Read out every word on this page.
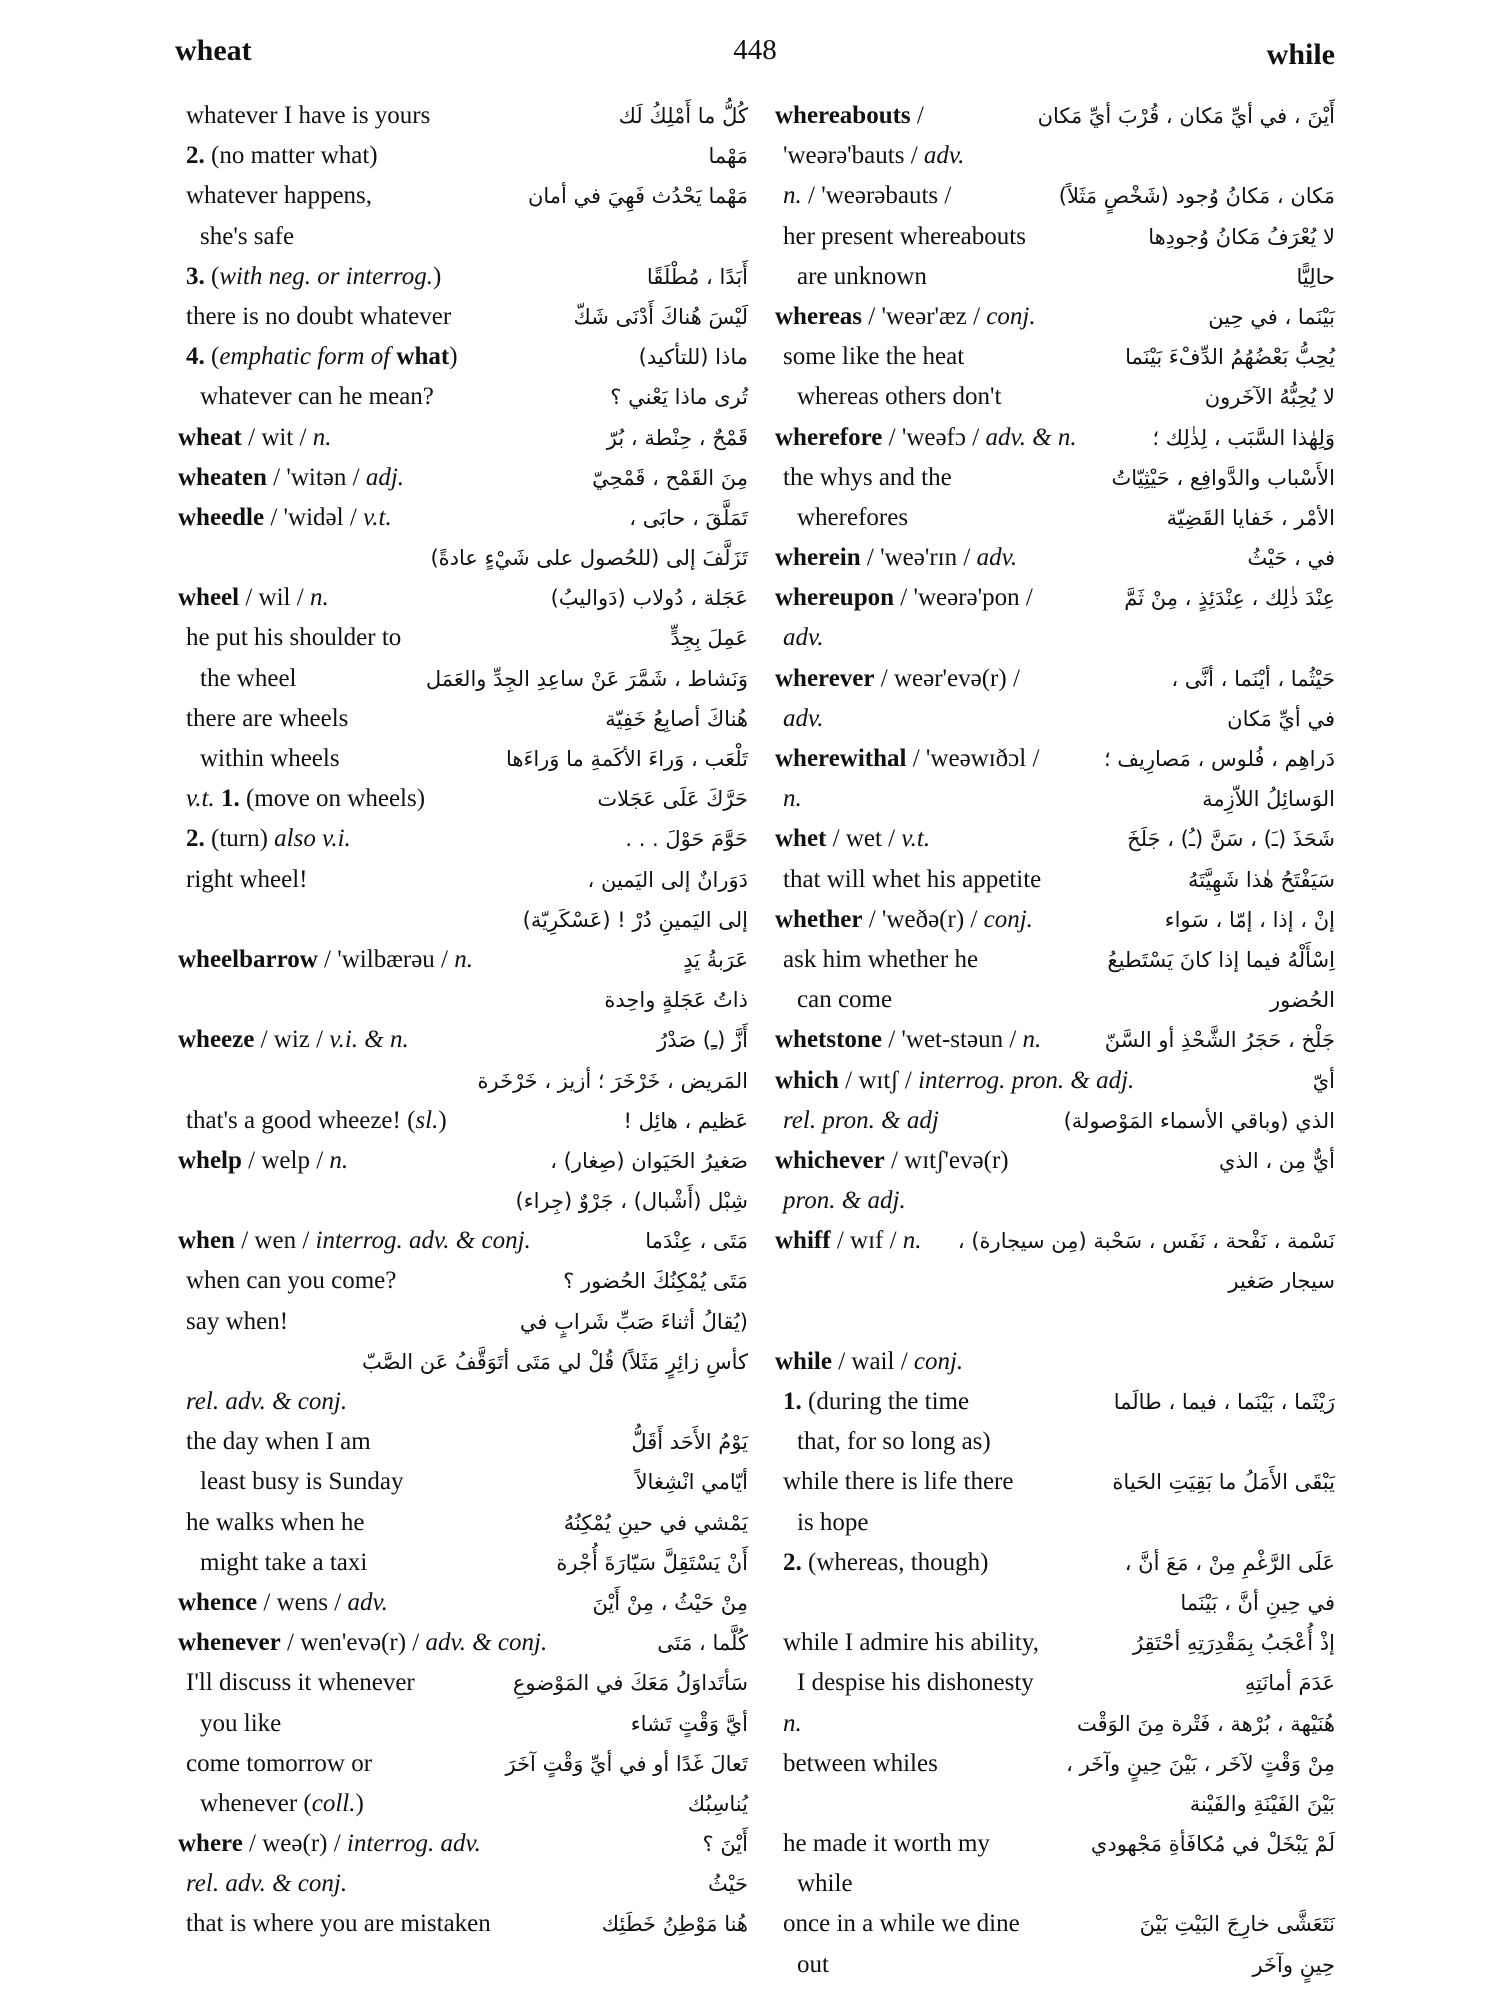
wheat	448	while
whatever I have is yours	كُلُّ ما أَمْلِكُ لَك
2. (no matter what)	مَهْما
whatever happens,	مَهْما يَحْدُث فَهِيَ في أمان
she's safe
3. (with neg. or interrog.)	أَبَدًا ، مُطْلَقًا
there is no doubt whatever	لَيْسَ هُناكَ أَدْنَى شَكّ
4. (emphatic form of what)	ماذا (للتأكيد)
whatever can he mean?	تُرى ماذا يَعْني ؟
wheat / wit / n.	قَمْحٌ ، حِنْطة ، بُرّ
wheaten / 'witən / adj.	مِنَ القَمْح ، قَمْحِيّ
wheedle / 'widəl / v.t.	تَمَلَّقَ ، حابَى ،
تَزَلَّفَ إلى (للحُصول على شَيْءٍ عادةً)
wheel / wil / n.	عَجَلة ، دُولاب (دَواليبُ)
he put his shoulder to	عَمِلَ بِجِدٍّ
the wheel	وَنَشاط ، شَمَّرَ عَنْ ساعِدِ الجِدِّ والعَمَل
there are wheels	هُناكَ أصابِعُ خَفِيّة
within wheels	تَلْعَب ، وَراءَ الأكَمةِ ما وَراءَها
v.t. 1. (move on wheels)	حَرَّكَ عَلَى عَجَلات
2. (turn) also v.i.	حَوَّمَ حَوْلَ . . .
right wheel!	دَوَرانٌ إلى اليَمين ،
إلى اليَمينِ دُرْ ! (عَسْكَرِيّة)
wheelbarrow / 'wilbærəu / n.	عَرَبةُ يَدٍ
ذاتُ عَجَلةٍ واحِدة
wheeze / wiz / v.i. & n.	أَزَّ (ـِ) صَدْرُ
المَريض ، خَرْخَرَ ؛ أزيز ، خَرْخَرة
that's a good wheeze! (sl.)	عَظيم ، هائِل !
whelp / welp / n.	صَغيرُ الحَيَوان (صِغار) ،
شِبْل (أَشْبال) ، جَرْوٌ (جِراء)
when / wen / interrog. adv. & conj.	مَتَى ، عِنْدَما
when can you come?	مَتَى يُمْكِنُكَ الحُضور ؟
say when!	(يُقالُ أثناءَ صَبِّ شَرابٍ في
كأسِ زائِرٍ مَثَلاً) قُلْ لي مَتَى أتَوَقَّفُ عَن الصَّبّ
rel. adv. & conj.
the day when I am	يَوْمُ الأَحَد أَقَلُّ
least busy is Sunday	أيّامي انْشِغالاً
he walks when he	يَمْشي في حينِ يُمْكِنُهُ
might take a taxi	أَنْ يَسْتَقِلَّ سَيّارَةَ أُجْرة
whence / wens / adv.	مِنْ حَيْثُ ، مِنْ أَيْنَ
whenever / wen'evə(r) / adv. & conj.	كُلَّما ، مَتَى
I'll discuss it whenever	سَأتَداوَلُ مَعَكَ في المَوْضوعِ
you like	أيَّ وَقْتٍ تَشاء
come tomorrow or	تَعالَ غَدًا أو في أيِّ وَقْتٍ آخَرَ
whenever (coll.)	يُناسِبُك
where / weə(r) / interrog. adv.	أَيْنَ ؟
rel. adv. & conj.	حَيْثُ
that is where you are mistaken	هُنا مَوْطِنُ خَطَئِك
whereabouts /	أَيْنَ ، في أيِّ مَكان ، قُرْبَ أيِّ مَكان
'weərə'bauts / adv.
n. / 'weərəbauts /	مَكان ، مَكانُ وُجود (شَخْصٍ مَثَلاً)
her present whereabouts	لا يُعْرَفُ مَكانُ وُجودِها
are unknown	حالِيًّا
whereas / 'weər'æz / conj.	بَيْنَما ، في حِين
some like the heat	يُحِبُّ بَعْضُهُمُ الدِّفْءَ بَيْنَما
whereas others don't	لا يُحِبُّهُ الآخَرون
wherefore / 'weəfɔ / adv. & n.	وَلِهٰذا السَّبَب ، لِذٰلِك ؛
the whys and the	الأَسْباب والدَّوافِع ، حَيْثِيّاتُ
wherefores	الأمْر ، خَفايا القَضِيّة
wherein / 'weə'rɪn / adv.	في ، حَيْثُ
whereupon / 'weərə'pon /	عِنْدَ ذٰلِك ، عِنْدَئِذٍ ، مِنْ ثَمَّ
adv.
wherever / weər'evə(r) /	حَيْثُما ، أيْنَما ، أنَّى ،
adv.	في أيِّ مَكان
wherewithal / 'weəwɪðɔl /	دَراهِم ، فُلوس ، مَصارِيف ؛
n.	الوَسائِلُ اللاّزِمة
whet / wet / v.t.	شَحَذَ (ـَ) ، سَنَّ (ـُ) ، جَلَخَ
that will whet his appetite	سَيَفْتَحُ هٰذا شَهِيَّتَهُ
whether / 'weðə(r) / conj.	إنْ ، إذا ، إمّا ، سَواء
ask him whether he	اِسْأَلْهُ فيما إذا كانَ يَسْتَطيعُ
can come	الحُضور
whetstone / 'wet-stəun / n.	جَلْخ ، حَجَرُ الشَّحْذِ أو السَّنّ
which / wɪtʃ / interrog. pron. & adj.	أيّ
rel. pron. & adj	الذي (وباقي الأسماء المَوْصولة)
whichever / wɪtʃ'evə(r)	أيٌّ مِن ، الذي
pron. & adj.
whiff / wɪf / n. نَسْمة ، نَفْحة ، نَفَس ، سَحْبة (مِن سيجارة) ،
سيجار صَغير
while / wail / conj.
1. (during the time	رَيْثَما ، بَيْنَما ، فيما ، طالَما
that, for so long as)
while there is life there	يَبْقَى الأَمَلُ ما بَقِيَتِ الحَياة
is hope
2. (whereas, though)	عَلَى الرَّغْمِ مِنْ ، مَعَ أنَّ ،
في حِينِ أنَّ ، بَيْنَما
while I admire his ability,	إذْ أُعْجَبُ بِمَقْدِرَتِهِ أحْتَقِرُ
I despise his dishonesty	عَدَمَ أمانَتِهِ
n.	هُنَيْهة ، بُرْهة ، فَتْرة مِنَ الوَقْت
between whiles	مِنْ وَقْتٍ لآخَر ، بَيْنَ حِينٍ وآخَر ،
بَيْنَ الفَيْنَةِ والفَيْنة
he made it worth my	لَمْ يَبْخَلْ في مُكافَأةِ مَجْهودي
while
once in a while we dine	نَتَعَشَّى خارِجَ البَيْتِ بَيْنَ
out	حِينٍ وآخَر
